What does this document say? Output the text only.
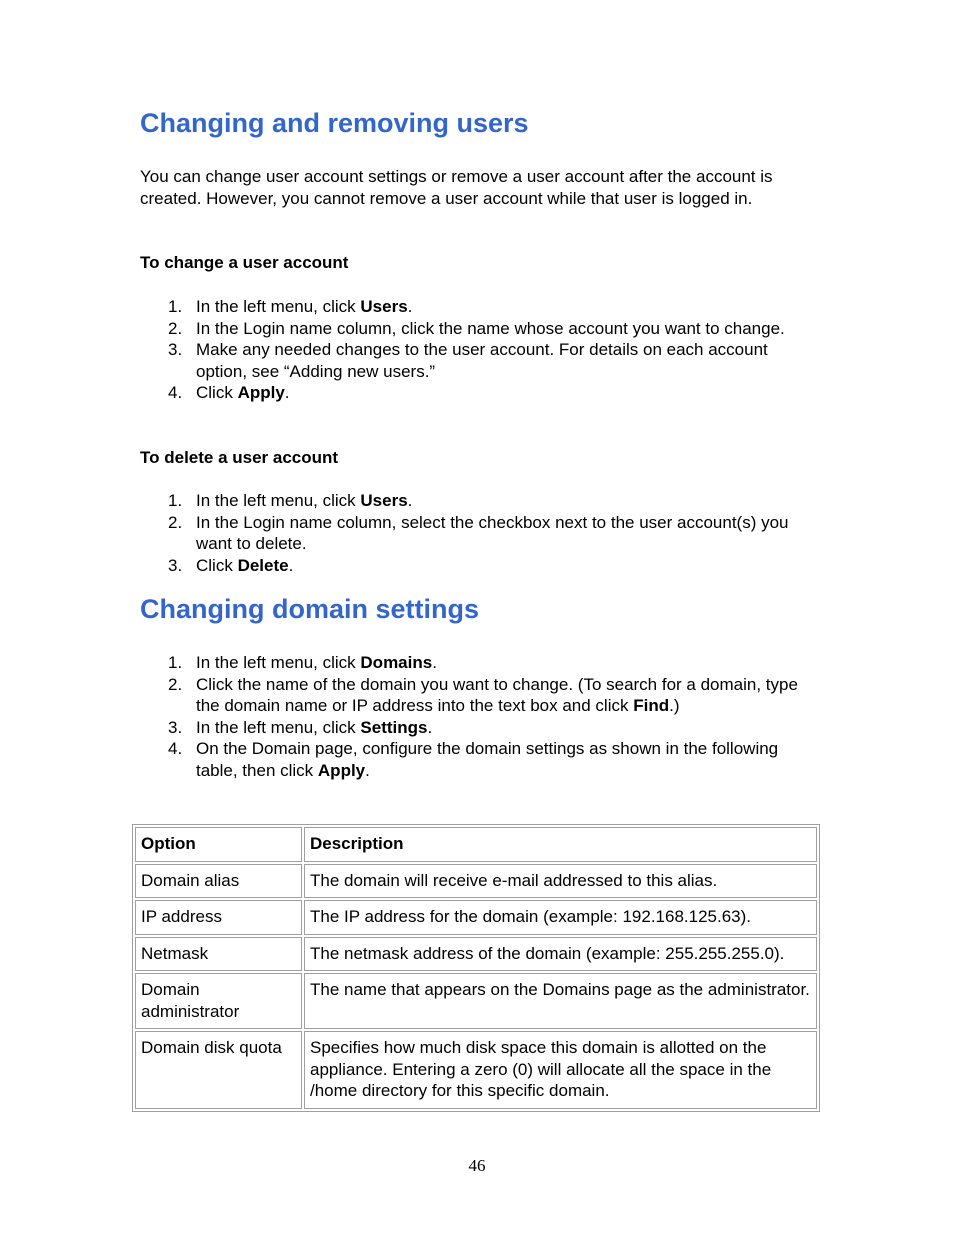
Changing and removing users

You can change user account settings or remove a user account after the account is created. However, you cannot remove a user account while that user is logged in.

To change a user account

1. In the left menu, click Users.
2. In the Login name column, click the name whose account you want to change.
3. Make any needed changes to the user account. For details on each account option, see “Adding new users.”
4. Click Apply.

To delete a user account

1. In the left menu, click Users.
2. In the Login name column, select the checkbox next to the user account(s) you want to delete.
3. Click Delete.
Changing domain settings
1. In the left menu, click Domains.
2. Click the name of the domain you want to change. (To search for a domain, type the domain name or IP address into the text box and click Find.)
3. In the left menu, click Settings.
4. On the Domain page, configure the domain settings as shown in the following table, then click Apply.
Option	Description
Domain alias	The domain will receive e-mail addressed to this alias.
IP address	The IP address for the domain (example: 192.168.125.63).
Netmask	The netmask address of the domain (example: 255.255.255.0).
Domain administrator	The name that appears on the Domains page as the administrator.
Domain disk quota	Specifies how much disk space this domain is allotted on the appliance. Entering a zero (0) will allocate all the space in the /home directory for this specific domain.
46
